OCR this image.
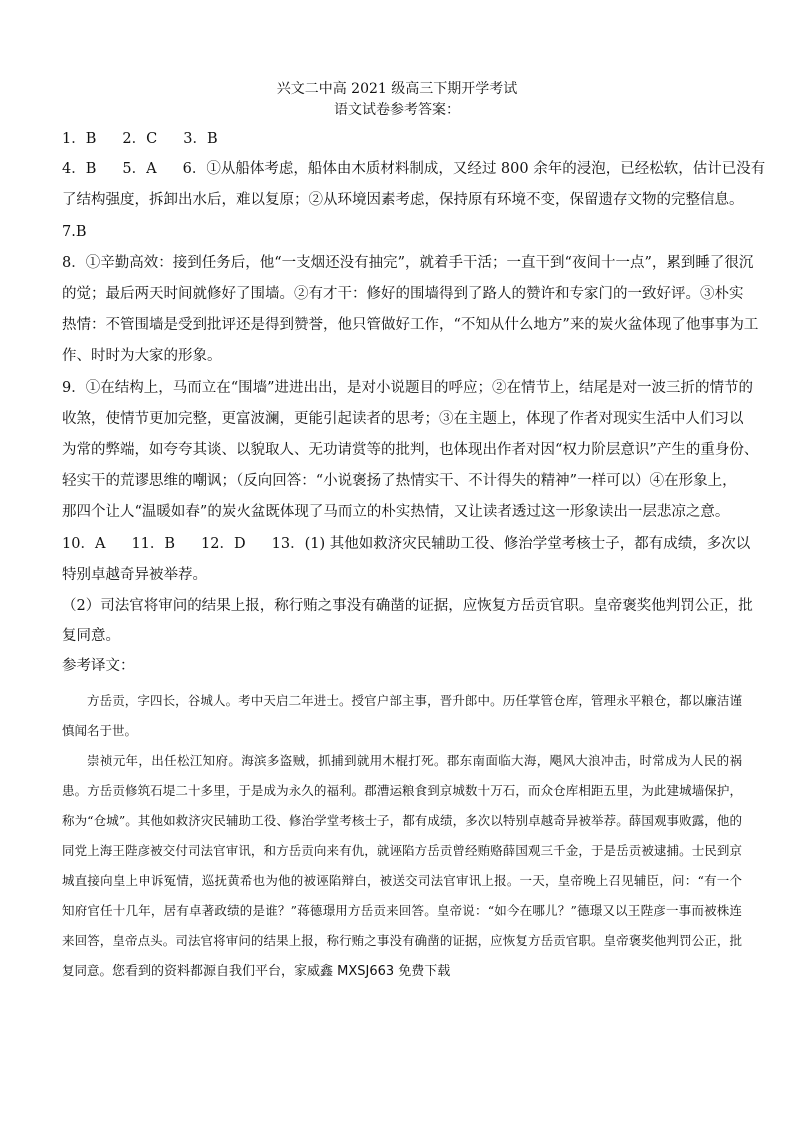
兴文二中高 2021 级高三下期开学考试
语文试卷参考答案：
1．B 2．C 3．B
4．B 5．A 6．①从船体考虑，船体由木质材料制成，又经过 800 余年的浸泡，已经松软，估计已没有
了结构强度，拆卸出水后，难以复原；②从环境因素考虑，保持原有环境不变，保留遗存文物的完整信息。
7.B
8．①辛勤高效：接到任务后，他“一支烟还没有抽完”，就着手干活；一直干到“夜间十一点”，累到睡了很沉
的觉；最后两天时间就修好了围墙。②有才干：修好的围墙得到了路人的赞许和专家门的一致好评。③朴实
热情：不管围墙是受到批评还是得到赞誉，他只管做好工作，“不知从什么地方”来的炭火盆体现了他事事为工
作、时时为大家的形象。
9．①在结构上，马而立在“围墙”进进出出，是对小说题目的呼应；②在情节上，结尾是对一波三折的情节的
收煞，使情节更加完整，更富波澜，更能引起读者的思考；③在主题上，体现了作者对现实生活中人们习以
为常的弊端，如夸夸其谈、以貌取人、无功请赏等的批判，也体现出作者对因“权力阶层意识”产生的重身份、
轻实干的荒谬思维的嘲讽；（反向回答：“小说褒扬了热情实干、不计得失的精神”一样可以）④在形象上，
那四个让人“温暖如春”的炭火盆既体现了马而立的朴实热情，又让读者透过这一形象读出一层悲凉之意。
10．A 11．B 12．D 13．(1) 其他如救济灾民辅助工役、修治学堂考核士子，都有成绩，多次以
特别卓越奇异被举荐。
（2）司法官将审问的结果上报，称行贿之事没有确凿的证据，应恢复方岳贡官职。皇帝褒奖他判罚公正，批
复同意。
参考译文：

方岳贡，字四长，谷城人。考中天启二年进士。授官户部主事，晋升郎中。历任掌管仓库，管理永平粮仓，都以廉洁谨慎闻名于世。

崇祯元年，出任松江知府。海滨多盗贼，抓捕到就用木棍打死。郡东南面临大海，飓风大浪冲击，时常成为人民的祸患。方岳贡修筑石堤二十多里，于是成为永久的福利。郡漕运粮食到京城数十万石，而众仓库相距五里，为此建城墙保护，称为“仓城”。其他如救济灾民辅助工役、修治学堂考核士子，都有成绩，多次以特别卓越奇异被举荐。薛国观事败露，他的同党上海王陛彦被交付司法官审讯，和方岳贡向来有仇，就诬陷方岳贡曾经贿赂薛国观三千金，于是岳贡被逮捕。士民到京城直接向皇上申诉冤情，巡抚黄希也为他的被诬陷辩白，被送交司法官审讯上报。一天，皇帝晚上召见辅臣，问：“有一个知府官任十几年，居有卓著政绩的是谁？”蒋德璟用方岳贡来回答。皇帝说：“如今在哪儿？”德璟又以王陛彦一事而被株连来回答，皇帝点头。司法官将审问的结果上报，称行贿之事没有确凿的证据，应恢复方岳贡官职。皇帝褒奖他判罚公正，批复同意。您看到的资料都源自我们平台，家威鑫 MXSJ663 免费下载
